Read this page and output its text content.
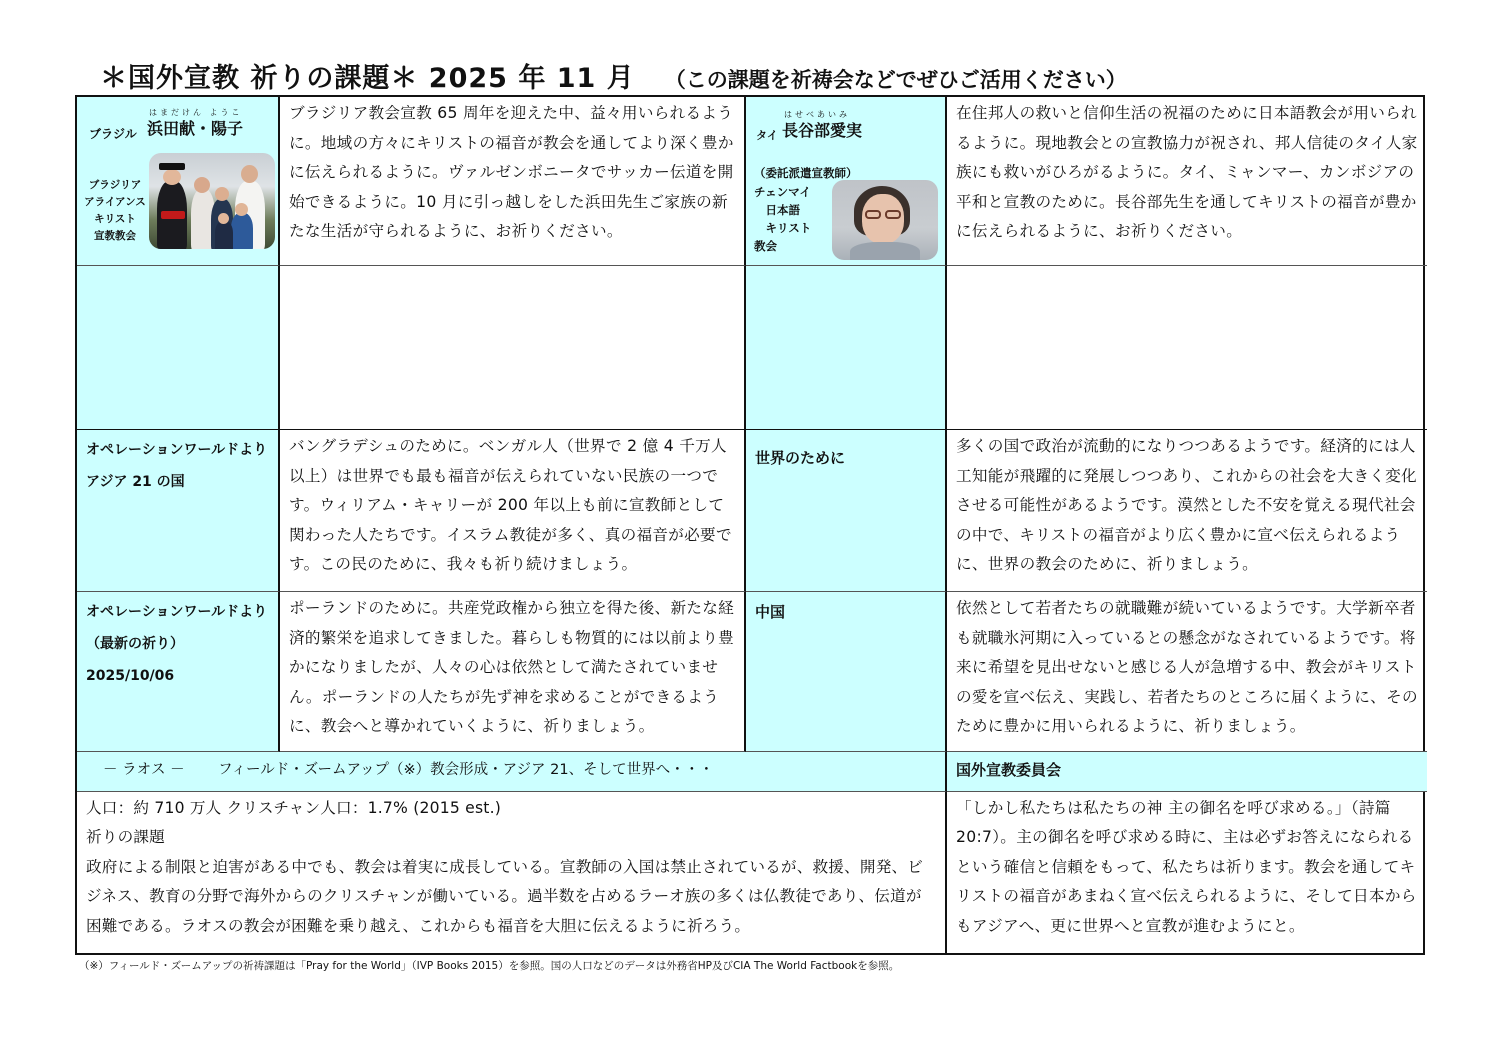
＊国外宣教 祈りの課題＊ 2025 年 11 月 （この課題を祈祷会などでぜひご活用ください）
ブラジル
はまだけん ようこ
浜田献・陽子
ブラジリア
アライアンス
キリスト
宣教教会
ブラジリア教会宣教 65 周年を迎えた中、益々用いられるように。地域の方々にキリストの福音が教会を通してより深く豊かに伝えられるように。ヴァルゼンボニータでサッカー伝道を開始できるように。10 月に引っ越しをした浜田先生ご家族の新たな生活が守られるように、お祈りください。
タイ
はせべあいみ
長谷部愛実
（委託派遣宣教師）
チェンマイ
　日本語
　キリスト
教会
在住邦人の救いと信仰生活の祝福のために日本語教会が用いられるように。現地教会との宣教協力が祝され、邦人信徒のタイ人家族にも救いがひろがるように。タイ、ミャンマー、カンボジアの平和と宣教のために。長谷部先生を通してキリストの福音が豊かに伝えられるように、お祈りください。
オペレーションワールドより
アジア 21 の国
バングラデシュのために。ベンガル人（世界で 2 億 4 千万人以上）は世界でも最も福音が伝えられていない民族の一つです。ウィリアム・キャリーが 200 年以上も前に宣教師として関わった人たちです。イスラム教徒が多く、真の福音が必要です。この民のために、我々も祈り続けましょう。
世界のために
多くの国で政治が流動的になりつつあるようです。経済的には人工知能が飛躍的に発展しつつあり、これからの社会を大きく変化させる可能性があるようです。漠然とした不安を覚える現代社会の中で、キリストの福音がより広く豊かに宣べ伝えられるように、世界の教会のために、祈りましょう。
オペレーションワールドより
（最新の祈り）
2025/10/06
ポーランドのために。共産党政権から独立を得た後、新たな経済的繁栄を追求してきました。暮らしも物質的には以前より豊かになりましたが、人々の心は依然として満たされていません。ポーランドの人たちが先ず神を求めることができるように、教会へと導かれていくように、祈りましょう。
中国	依然として若者たちの就職難が続いているようです。大学新卒者も就職氷河期に入っているとの懸念がなされているようです。将来に希望を見出せないと感じる人が急増する中、教会がキリストの愛を宣べ伝え、実践し、若者たちのところに届くように、そのために豊かに用いられるように、祈りましょう。
－ ラオス －　　 フィールド・ズームアップ（※）教会形成・アジア 21、そして世界へ・・・	国外宣教委員会
人口：約 710 万人 クリスチャン人口：1.7% (2015 est.)
祈りの課題
政府による制限と迫害がある中でも、教会は着実に成長している。宣教師の入国は禁止されているが、救援、開発、ビジネス、教育の分野で海外からのクリスチャンが働いている。過半数を占めるラーオ族の多くは仏教徒であり、伝道が困難である。ラオスの教会が困難を乗り越え、これからも福音を大胆に伝えるように祈ろう。
「しかし私たちは私たちの神 主の御名を呼び求める。」（詩篇 20:7）。主の御名を呼び求める時に、主は必ずお答えになられるという確信と信頼をもって、私たちは祈ります。教会を通してキリストの福音があまねく宣べ伝えられるように、そして日本からもアジアへ、更に世界へと宣教が進むようにと。
（※）フィールド・ズームアップの祈祷課題は「Pray for the World」（IVP Books 2015）を参照。国の人口などのデータは外務省HP及びCIA The World Factbookを参照。
